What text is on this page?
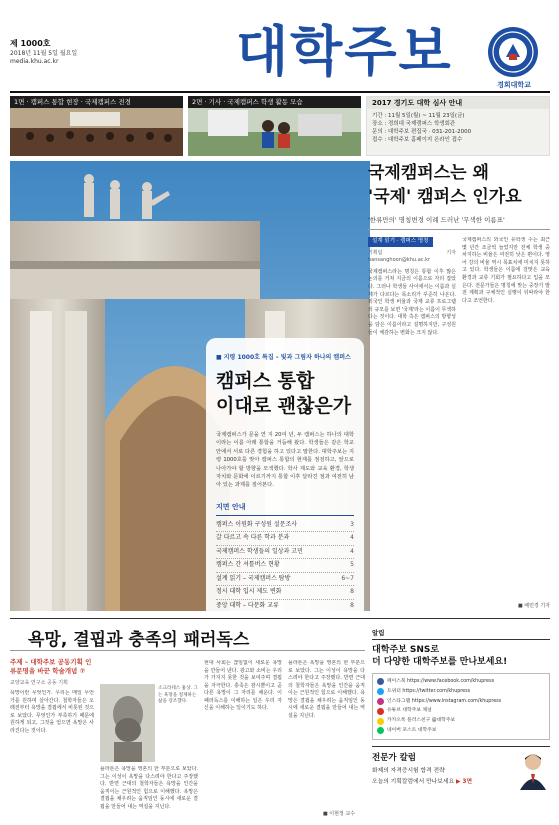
제 1000호
2018년 11월 5일 월요일
media.khu.ac.kr	대학주보
경희대학교
1면 · 캠퍼스 통합 현장 · 국제캠퍼스 전경	2면 · 기사 · 국제캠퍼스 학생 활동 모습	2017 경기도 대학 심사 안내
기간 : 11월 5일(월) ~ 11월 23일(금)
장소 : 경희대 국제캠퍼스 학생회관
문의 : 대학주보 편집국 · 031-201-2000
접수 : 대학주보 홈페이지 온라인 접수
■ 지령 1000호 특집 – 빛과 그림자 하나의 캠퍼스
캠퍼스 통합
이대로 괜찮은가
국제캠퍼스가 문을 연 지 20여 년, 두 캠퍼스는 하나의 대학이라는 이름 아래 통합을 거듭해 왔다. 학생들은 같은 학교 안에서 서로 다른 경험을 하고 있다고 말한다. 대학주보는 지령 1000호를 맞아 캠퍼스 통합의 현재를 점검하고, 앞으로 나아가야 할 방향을 모색했다. 학사 제도와 교육 환경, 학생 자치와 문화에 이르기까지 통합 이후 달라진 점과 여전히 남아 있는 과제를 짚어본다.
지면 안내
캠퍼스 이원화 구성원 설문조사	3
갈 다르고 속 다른 학과 분과	4
국제캠퍼스 학생들의 일상과 고민	4
캠퍼스 간 셔틀버스 현황	5
설계 읽기 – 국제캠퍼스 탐방	6~7
정시 대학 입시 제도 변화	8
중앙 대학 – 다문화 교류	8
국제캠퍼스는 왜
'국제' 캠퍼스 인가요
'한류만의' 명칭변경 이례 드러난 '무색한 이름표'
설계 읽기 · 캠퍼스 명칭
기획팀 기자 hansanghoon@khu.ac.kr
국제캠퍼스라는 명칭은 통합 이후 많은 논의를 거쳐 지금의 이름으로 자리 잡았다. 그러나 학생들 사이에서는 이름과 실제가 다르다는 목소리가 꾸준히 나온다. 외국인 학생 비율과 국제 교류 프로그램의 규모를 보면 '국제'라는 이름이 무색하다는 것이다. 대학 측은 캠퍼스의 방향성을 담은 이름이라고 설명하지만, 구성원들이 체감하는 변화는 크지 않다.
국제캠퍼스의 외국인 유학생 수는 최근 몇 년간 조금씩 늘었지만 전체 학생 중 차지하는 비율은 여전히 낮은 편이다. 영어 강의 비율 역시 목표치에 미치지 못하고 있다. 학생들은 이름에 걸맞은 교육 환경과 교류 기회가 필요하다고 입을 모은다. 전문가들은 명칭에 맞는 중장기 발전 계획과 구체적인 실행이 뒤따라야 한다고 조언한다.
■ 배민경 기자
욕망, 결핍과 충족의 패러독스
주제 – 대학주보 공동기획 인류문명을 바꾼 학술개념 ⑦
교양교육 연구소 공동 기획
욕망이란 무엇인가. 우리는 매일 무언가를 원하며 살아간다. 철학자들은 오래전부터 욕망을 결핍에서 비롯된 것으로 보았다. 무엇인가 부족하기 때문에 원하게 되고, 그것을 얻으면 욕망은 사라진다는 것이다.
소크라테스 흉상. 그는 욕망을 절제하는 삶을 강조했다.
플라톤은 욕망을 영혼의 한 부분으로 보았다. 그는 이성이 욕망을 다스려야 한다고 주장했다. 반면 근대의 철학자들은 욕망을 인간을 움직이는 근원적인 힘으로 이해했다. 욕망은 결핍을 채우려는 움직임인 동시에 새로운 결핍을 만들어 내는 역설을 지닌다.
현대 사회는 끊임없이 새로운 욕망을 만들어 낸다. 광고와 소비는 우리가 가지지 못한 것을 보여주며 결핍을 자극한다. 충족은 잠시뿐이고 곧 다른 욕망이 그 자리를 채운다. 이 패러독스를 이해하는 일은 우리 자신을 이해하는 일이기도 하다.
플라톤은 욕망을 영혼의 한 부분으로 보았다. 그는 이성이 욕망을 다스려야 한다고 주장했다. 반면 근대의 철학자들은 욕망을 인간을 움직이는 근원적인 힘으로 이해했다. 욕망은 결핍을 채우려는 움직임인 동시에 새로운 결핍을 만들어 내는 역설을 지닌다.
■ 이현정 교수
알림
대학주보 SNS로
더 다양한 대학주보를 만나보세요!
페이스북 https://www.facebook.com/khupress
트위터 https://twitter.com/khupress
인스타그램 https://www.instagram.com/khupress
유튜브 대학주보 채널
카카오톡 플러스친구 @대학주보
네이버 포스트 대학주보
전문가 칼럼
화제의 자격증시험 합격 전략
오늘의 기획칼럼에서 만나보세요 ▶ 3면
